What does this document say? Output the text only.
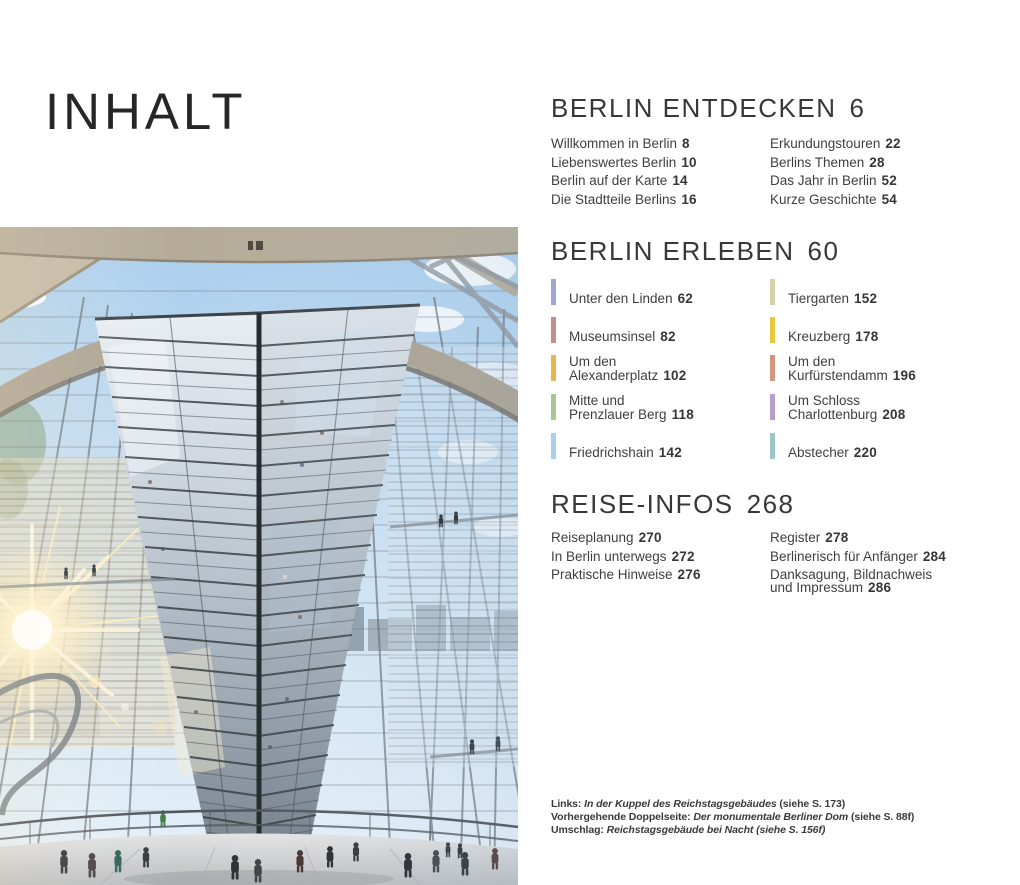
INHALT	BERLIN ENTDECKEN 6
Willkommen in Berlin 8
Liebenswertes Berlin 10
Berlin auf der Karte 14
Die Stadtteile Berlins 16
Erkundungstouren 22
Berlins Themen 28
Das Jahr in Berlin 52
Kurze Geschichte 54
BERLIN ERLEBEN 60
Unter den Linden 62
Museumsinsel 82
Um den
Alexanderplatz 102
Mitte und
Prenzlauer Berg 118
Friedrichshain 142
Tiergarten 152
Kreuzberg 178
Um den
Kurfürstendamm 196
Um Schloss
Charlottenburg 208
Abstecher 220
REISE-INFOS 268
Reiseplanung 270
In Berlin unterwegs 272
Praktische Hinweise 276
Register 278
Berlinerisch für Anfänger 284
Danksagung, Bildnachweis
und Impressum 286
Links: In der Kuppel des Reichstagsgebäudes (siehe S. 173)
Vorhergehende Doppelseite: Der monumentale Berliner Dom (siehe S. 88f)
Umschlag: Reichstagsgebäude bei Nacht (siehe S. 156f)
